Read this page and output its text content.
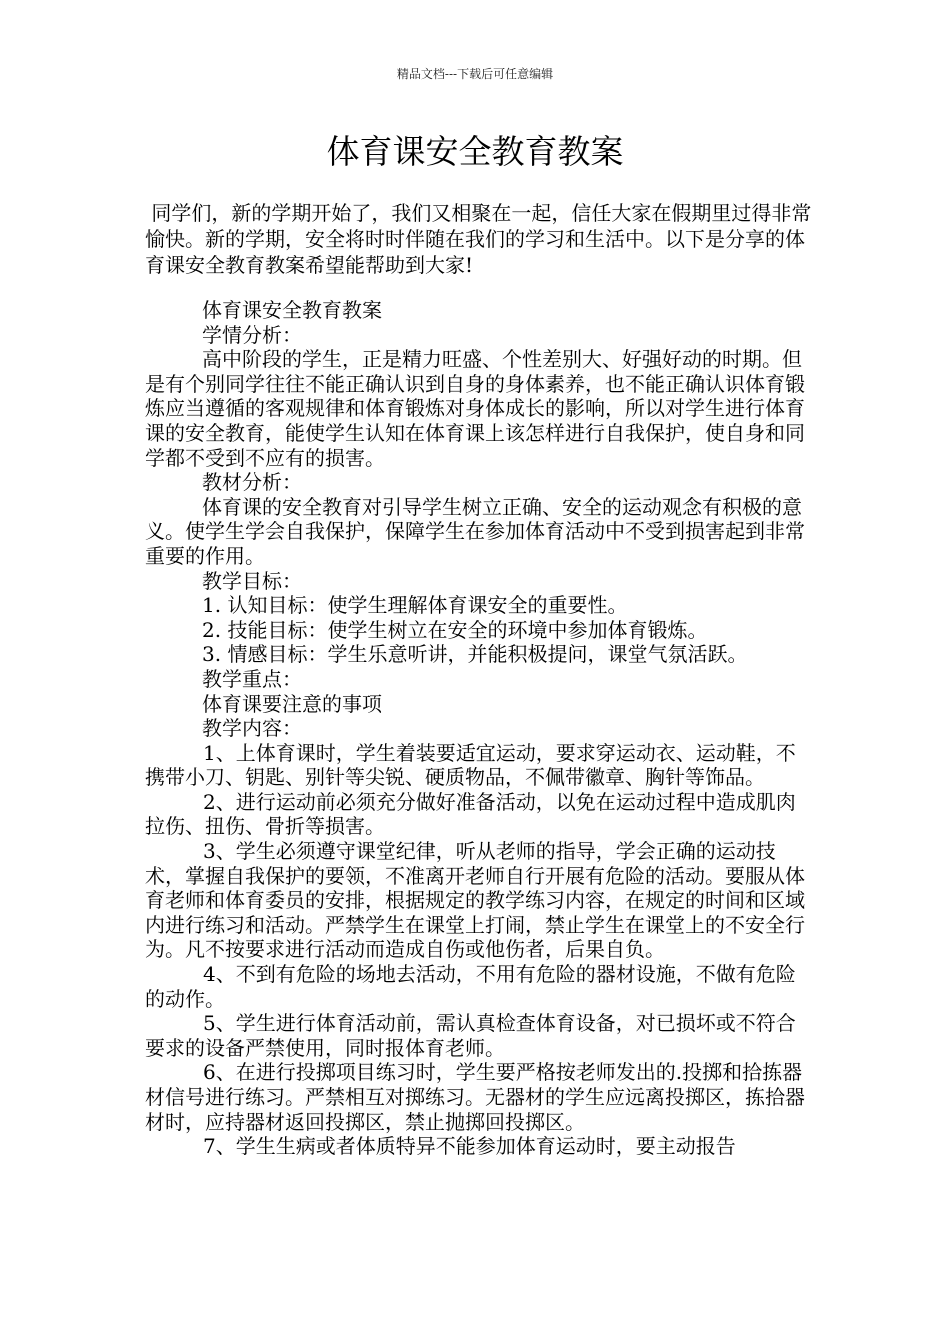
精品文档---下载后可任意编辑
体育课安全教育教案

同学们，新的学期开始了，我们又相聚在一起，信任大家在假期里过得非常愉快。新的学期，安全将时时伴随在我们的学习和生活中。以下是分享的体育课安全教育教案希望能帮助到大家!

体育课安全教育教案

学情分析：

高中阶段的学生，正是精力旺盛、个性差别大、好强好动的时期。但是有个别同学往往不能正确认识到自身的身体素养，也不能正确认识体育锻炼应当遵循的客观规律和体育锻炼对身体成长的影响，所以对学生进行体育课的安全教育，能使学生认知在体育课上该怎样进行自我保护，使自身和同学都不受到不应有的损害。

教材分析：

体育课的安全教育对引导学生树立正确、安全的运动观念有积极的意义。使学生学会自我保护，保障学生在参加体育活动中不受到损害起到非常重要的作用。

教学目标：

1. 认知目标：使学生理解体育课安全的重要性。

2. 技能目标：使学生树立在安全的环境中参加体育锻炼。

3. 情感目标：学生乐意听讲，并能积极提问，课堂气氛活跃。

教学重点：

体育课要注意的事项

教学内容：

1、上体育课时，学生着装要适宜运动，要求穿运动衣、运动鞋，不携带小刀、钥匙、别针等尖锐、硬质物品，不佩带徽章、胸针等饰品。

2、进行运动前必须充分做好准备活动，以免在运动过程中造成肌肉拉伤、扭伤、骨折等损害。

3、学生必须遵守课堂纪律，听从老师的指导，学会正确的运动技术，掌握自我保护的要领，不准离开老师自行开展有危险的活动。要服从体育老师和体育委员的安排，根据规定的教学练习内容，在规定的时间和区域内进行练习和活动。严禁学生在课堂上打闹，禁止学生在课堂上的不安全行为。凡不按要求进行活动而造成自伤或他伤者，后果自负。

4、不到有危险的场地去活动，不用有危险的器材设施，不做有危险的动作。

5、学生进行体育活动前，需认真检查体育设备，对已损坏或不符合要求的设备严禁使用，同时报体育老师。

6、在进行投掷项目练习时，学生要严格按老师发出的.投掷和拾拣器材信号进行练习。严禁相互对掷练习。无器材的学生应远离投掷区，拣拾器材时，应持器材返回投掷区，禁止抛掷回投掷区。

7、学生生病或者体质特异不能参加体育运动时，要主动报告
